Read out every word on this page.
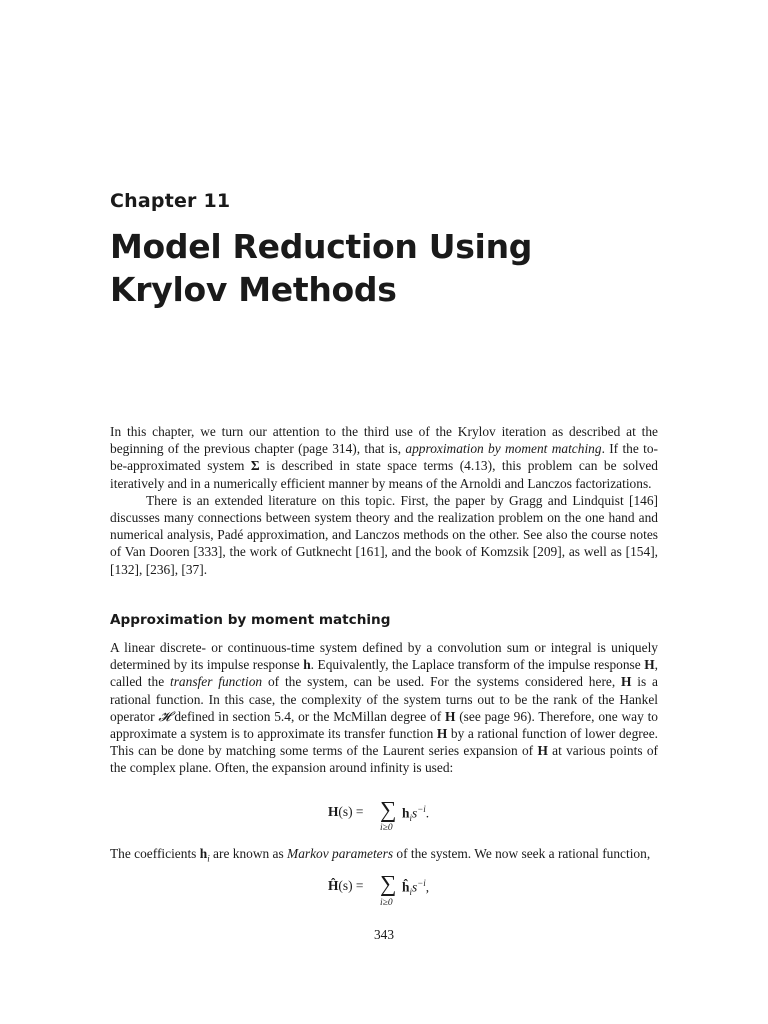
Chapter 11
Model Reduction Using
Krylov Methods

In this chapter, we turn our attention to the third use of the Krylov iteration as described at the beginning of the previous chapter (page 314), that is, approximation by moment matching. If the to-be-approximated system Σ is described in state space terms (4.13), this problem can be solved iteratively and in a numerically efficient manner by means of the Arnoldi and Lanczos factorizations.

There is an extended literature on this topic. First, the paper by Gragg and Lindquist [146] discusses many connections between system theory and the realization problem on the one hand and numerical analysis, Padé approximation, and Lanczos methods on the other. See also the course notes of Van Dooren [333], the work of Gutknecht [161], and the book of Komzsik [209], as well as [154], [132], [236], [37].

Approximation by moment matching

A linear discrete- or continuous-time system defined by a convolution sum or integral is uniquely determined by its impulse response h. Equivalently, the Laplace transform of the impulse response H, called the transfer function of the system, can be used. For the systems considered here, H is a rational function. In this case, the complexity of the system turns out to be the rank of the Hankel operator 𝓗 defined in section 5.4, or the McMillan degree of H (see page 96). Therefore, one way to approximate a system is to approximate its transfer function H by a rational function of lower degree. This can be done by matching some terms of the Laurent series expansion of H at various points of the complex plane. Often, the expansion around infinity is used:

H(s) = ∑ $h_is^{-i}$.
i≥0

The coefficients $h_i$ are known as Markov parameters of the system. We now seek a rational function,

Ĥ(s) = ∑ $ĥ_is^{-i}$,
i≥0
343
